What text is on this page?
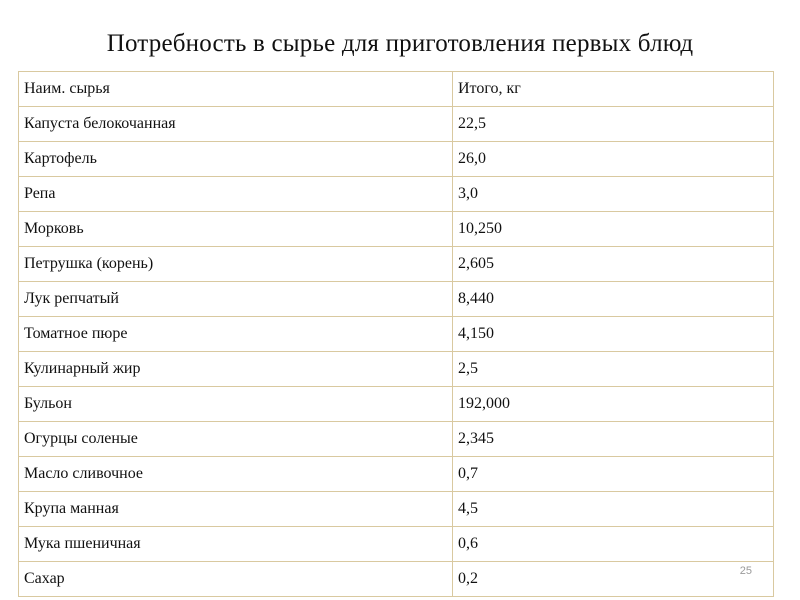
Потребность в сырье для приготовления первых блюд
Наим. сырья	Итого, кг
Капуста белокочанная	22,5
Картофель	26,0
Репа	3,0
Морковь	10,250
Петрушка (корень)	2,605
Лук репчатый	8,440
Томатное пюре	4,150
Кулинарный жир	2,5
Бульон	192,000
Огурцы соленые	2,345
Масло сливочное	0,7
Крупа манная	4,5
Мука пшеничная	0,6
Сахар	0,2	25
